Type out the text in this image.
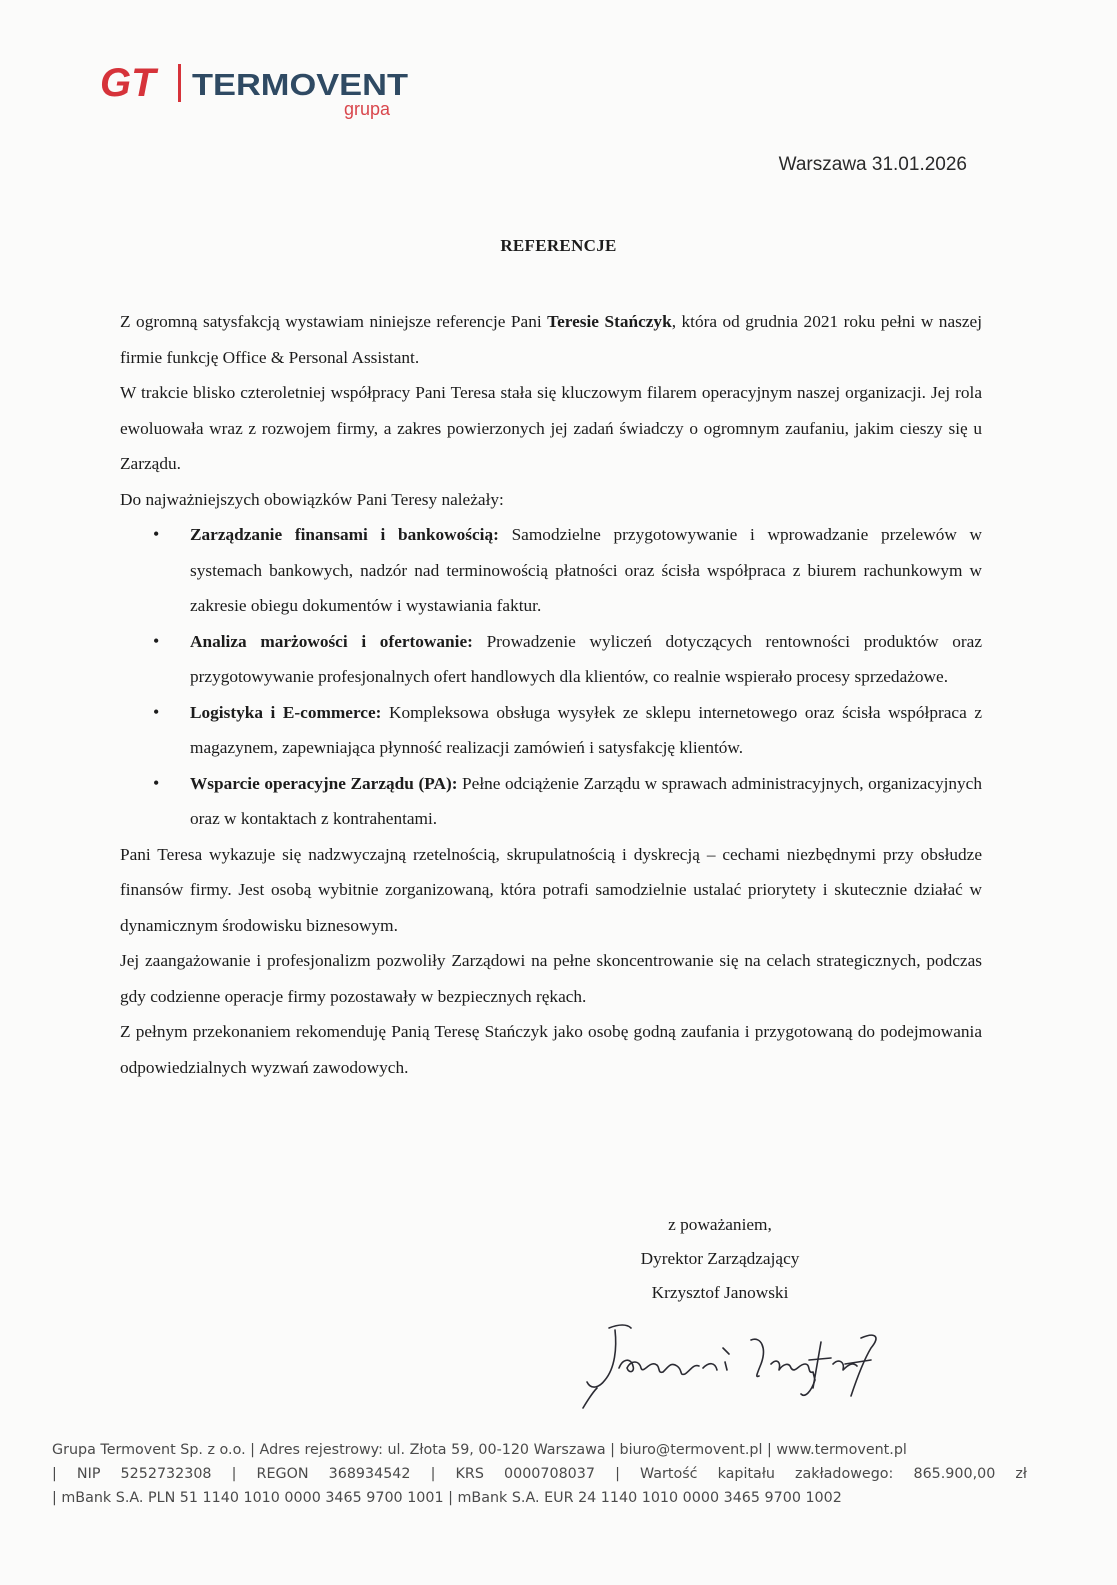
GT TERMOVENT
grupa
Warszawa 31.01.2026
REFERENCJE

Z ogromną satysfakcją wystawiam niniejsze referencje Pani Teresie Stańczyk, która od grudnia 2021 roku pełni w naszej firmie funkcję Office & Personal Assistant.

W trakcie blisko czteroletniej współpracy Pani Teresa stała się kluczowym filarem operacyjnym naszej organizacji. Jej rola ewoluowała wraz z rozwojem firmy, a zakres powierzonych jej zadań świadczy o ogromnym zaufaniu, jakim cieszy się u Zarządu.

Do najważniejszych obowiązków Pani Teresy należały:

• Zarządzanie finansami i bankowością: Samodzielne przygotowywanie i wprowadzanie przelewów w systemach bankowych, nadzór nad terminowością płatności oraz ścisła współpraca z biurem rachunkowym w zakresie obiegu dokumentów i wystawiania faktur.
• Analiza marżowości i ofertowanie: Prowadzenie wyliczeń dotyczących rentowności produktów oraz przygotowywanie profesjonalnych ofert handlowych dla klientów, co realnie wspierało procesy sprzedażowe.
• Logistyka i E-commerce: Kompleksowa obsługa wysyłek ze sklepu internetowego oraz ścisła współpraca z magazynem, zapewniająca płynność realizacji zamówień i satysfakcję klientów.
• Wsparcie operacyjne Zarządu (PA): Pełne odciążenie Zarządu w sprawach administracyjnych, organizacyjnych oraz w kontaktach z kontrahentami.

Pani Teresa wykazuje się nadzwyczajną rzetelnością, skrupulatnością i dyskrecją – cechami niezbędnymi przy obsłudze finansów firmy. Jest osobą wybitnie zorganizowaną, która potrafi samodzielnie ustalać priorytety i skutecznie działać w dynamicznym środowisku biznesowym.

Jej zaangażowanie i profesjonalizm pozwoliły Zarządowi na pełne skoncentrowanie się na celach strategicznych, podczas gdy codzienne operacje firmy pozostawały w bezpiecznych rękach.

Z pełnym przekonaniem rekomenduję Panią Teresę Stańczyk jako osobę godną zaufania i przygotowaną do podejmowania odpowiedzialnych wyzwań zawodowych.

z poważaniem,
Dyrektor Zarządzający
Krzysztof Janowski
Grupa Termovent Sp. z o.o. | Adres rejestrowy: ul. Złota 59, 00-120 Warszawa | biuro@termovent.pl | www.termovent.pl
| NIP 5252732308 | REGON 368934542 | KRS 0000708037 | Wartość kapitału zakładowego: 865.900,00 zł
| mBank S.A. PLN 51 1140 1010 0000 3465 9700 1001 | mBank S.A. EUR 24 1140 1010 0000 3465 9700 1002
